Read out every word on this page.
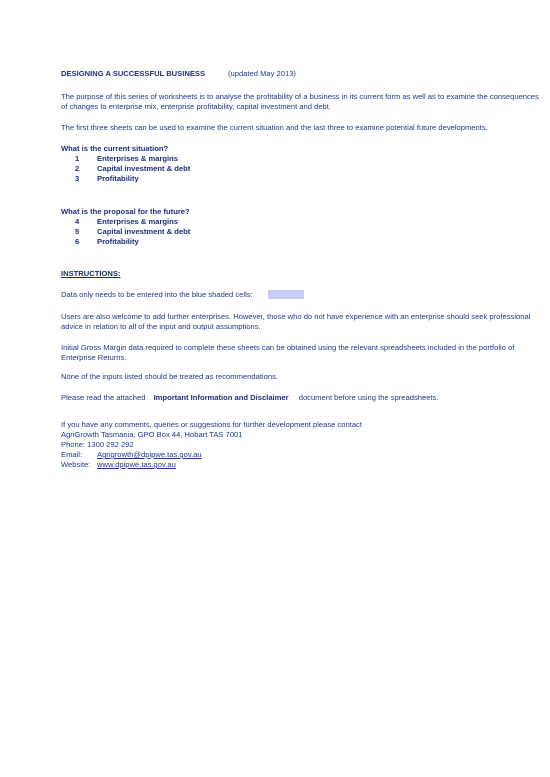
DESIGNING A SUCCESSFUL BUSINESS	(updated May 2013)
The purpose of this series of worksheets is to analyse the profitability of a business in its current form as well as to examine the consequences of changes to enterprise mix, enterprise profitability, capital investment and debt.
The first three sheets can be used to examine the current situation and the last three to examine potential future developments.
What is the current situation?
1 Enterprises & margins
2 Capital investment & debt
3 Profitability
What is the proposal for the future?
4 Enterprises & margins
5 Capital investment & debt
6 Profitability
INSTRUCTIONS:
Data only needs to be entered into the blue shaded cells:
Users are also welcome to add further enterprises. However, those who do not have experience with an enterprise should seek professional advice in relation to all of the input and output assumptions.
Initial Gross Margin data required to complete these sheets can be obtained using the relevant spreadsheets included in the portfolio of Enterprise Returns.
None of the inputs listed should be treated as recommendations.
Please read the attached Important Information and Disclaimer document before using the spreadsheets.
If you have any comments, queries or suggestions for further development please contact
AgriGrowth Tasmania, GPO Box 44, Hobart TAS 7001
Phone: 1300 292 292
Email: Agrigrowth@dpipwe.tas.gov.au
Website: www.dpipwe.tas.gov.au
